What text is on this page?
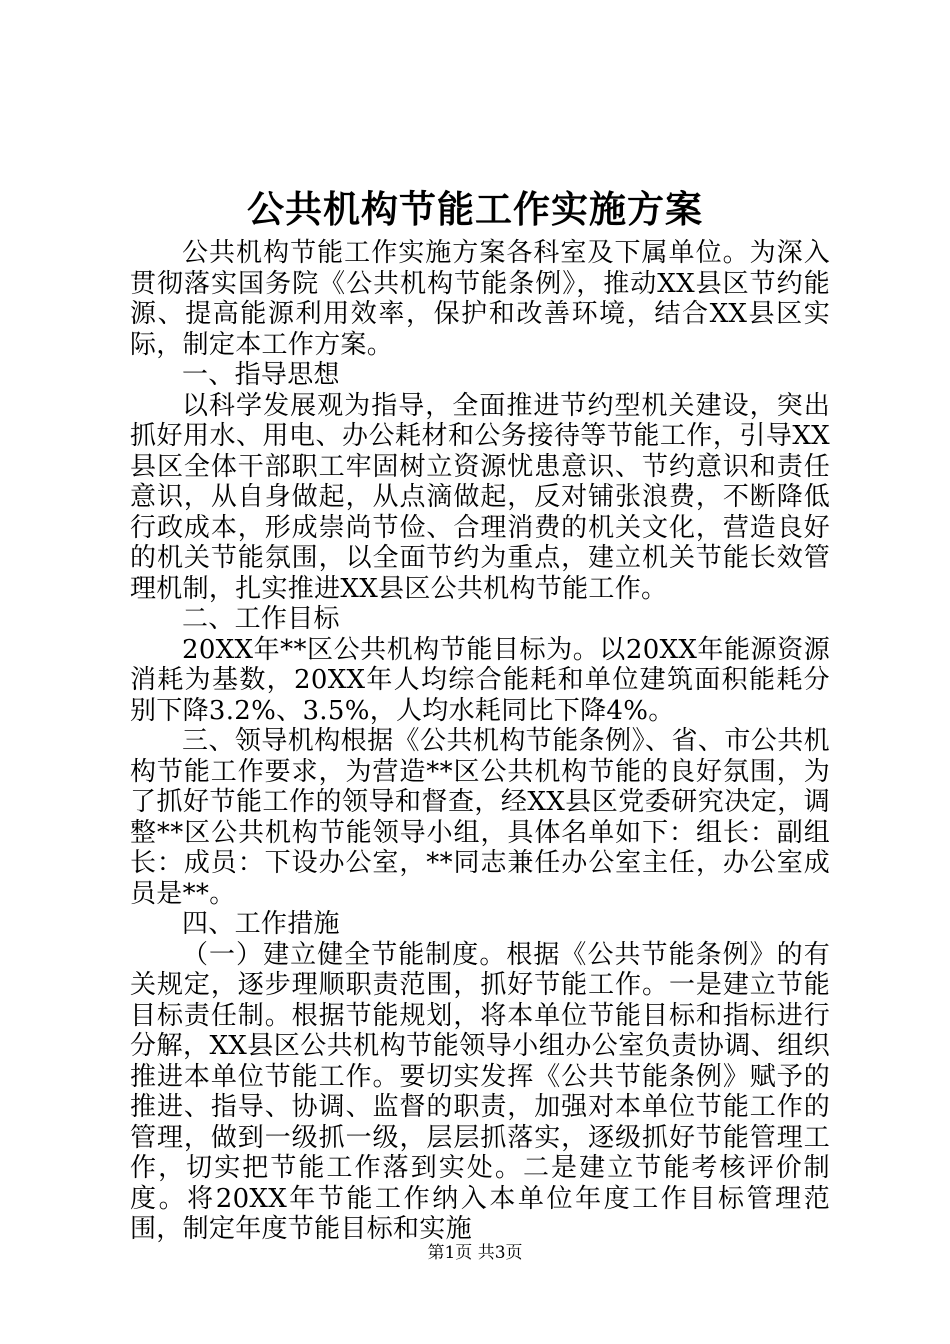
公共机构节能工作实施方案

公共机构节能工作实施方案各科室及下属单位。为深入贯彻落实国务院《公共机构节能条例》，推动XX县区节约能源、提高能源利用效率，保护和改善环境，结合XX县区实际，制定本工作方案。

一、指导思想

以科学发展观为指导，全面推进节约型机关建设，突出抓好用水、用电、办公耗材和公务接待等节能工作，引导XX县区全体干部职工牢固树立资源忧患意识、节约意识和责任意识，从自身做起，从点滴做起，反对铺张浪费，不断降低行政成本，形成崇尚节俭、合理消费的机关文化，营造良好的机关节能氛围，以全面节约为重点，建立机关节能长效管理机制，扎实推进XX县区公共机构节能工作。

二、工作目标

20XX年**区公共机构节能目标为。以20XX年能源资源消耗为基数，20XX年人均综合能耗和单位建筑面积能耗分别下降3.2%、3.5%，人均水耗同比下降4%。

三、领导机构根据《公共机构节能条例》、省、市公共机构节能工作要求，为营造**区公共机构节能的良好氛围，为了抓好节能工作的领导和督查，经XX县区党委研究决定，调整**区公共机构节能领导小组，具体名单如下：组长：副组长：成员：下设办公室，**同志兼任办公室主任，办公室成员是**。

四、工作措施

（一）建立健全节能制度。根据《公共节能条例》的有关规定，逐步理顺职责范围，抓好节能工作。一是建立节能目标责任制。根据节能规划，将本单位节能目标和指标进行分解，XX县区公共机构节能领导小组办公室负责协调、组织推进本单位节能工作。要切实发挥《公共节能条例》赋予的推进、指导、协调、监督的职责，加强对本单位节能工作的管理，做到一级抓一级，层层抓落实，逐级抓好节能管理工作，切实把节能工作落到实处。二是建立节能考核评价制度。将20XX年节能工作纳入本单位年度工作目标管理范围，制定年度节能目标和实施

第1页 共3页
